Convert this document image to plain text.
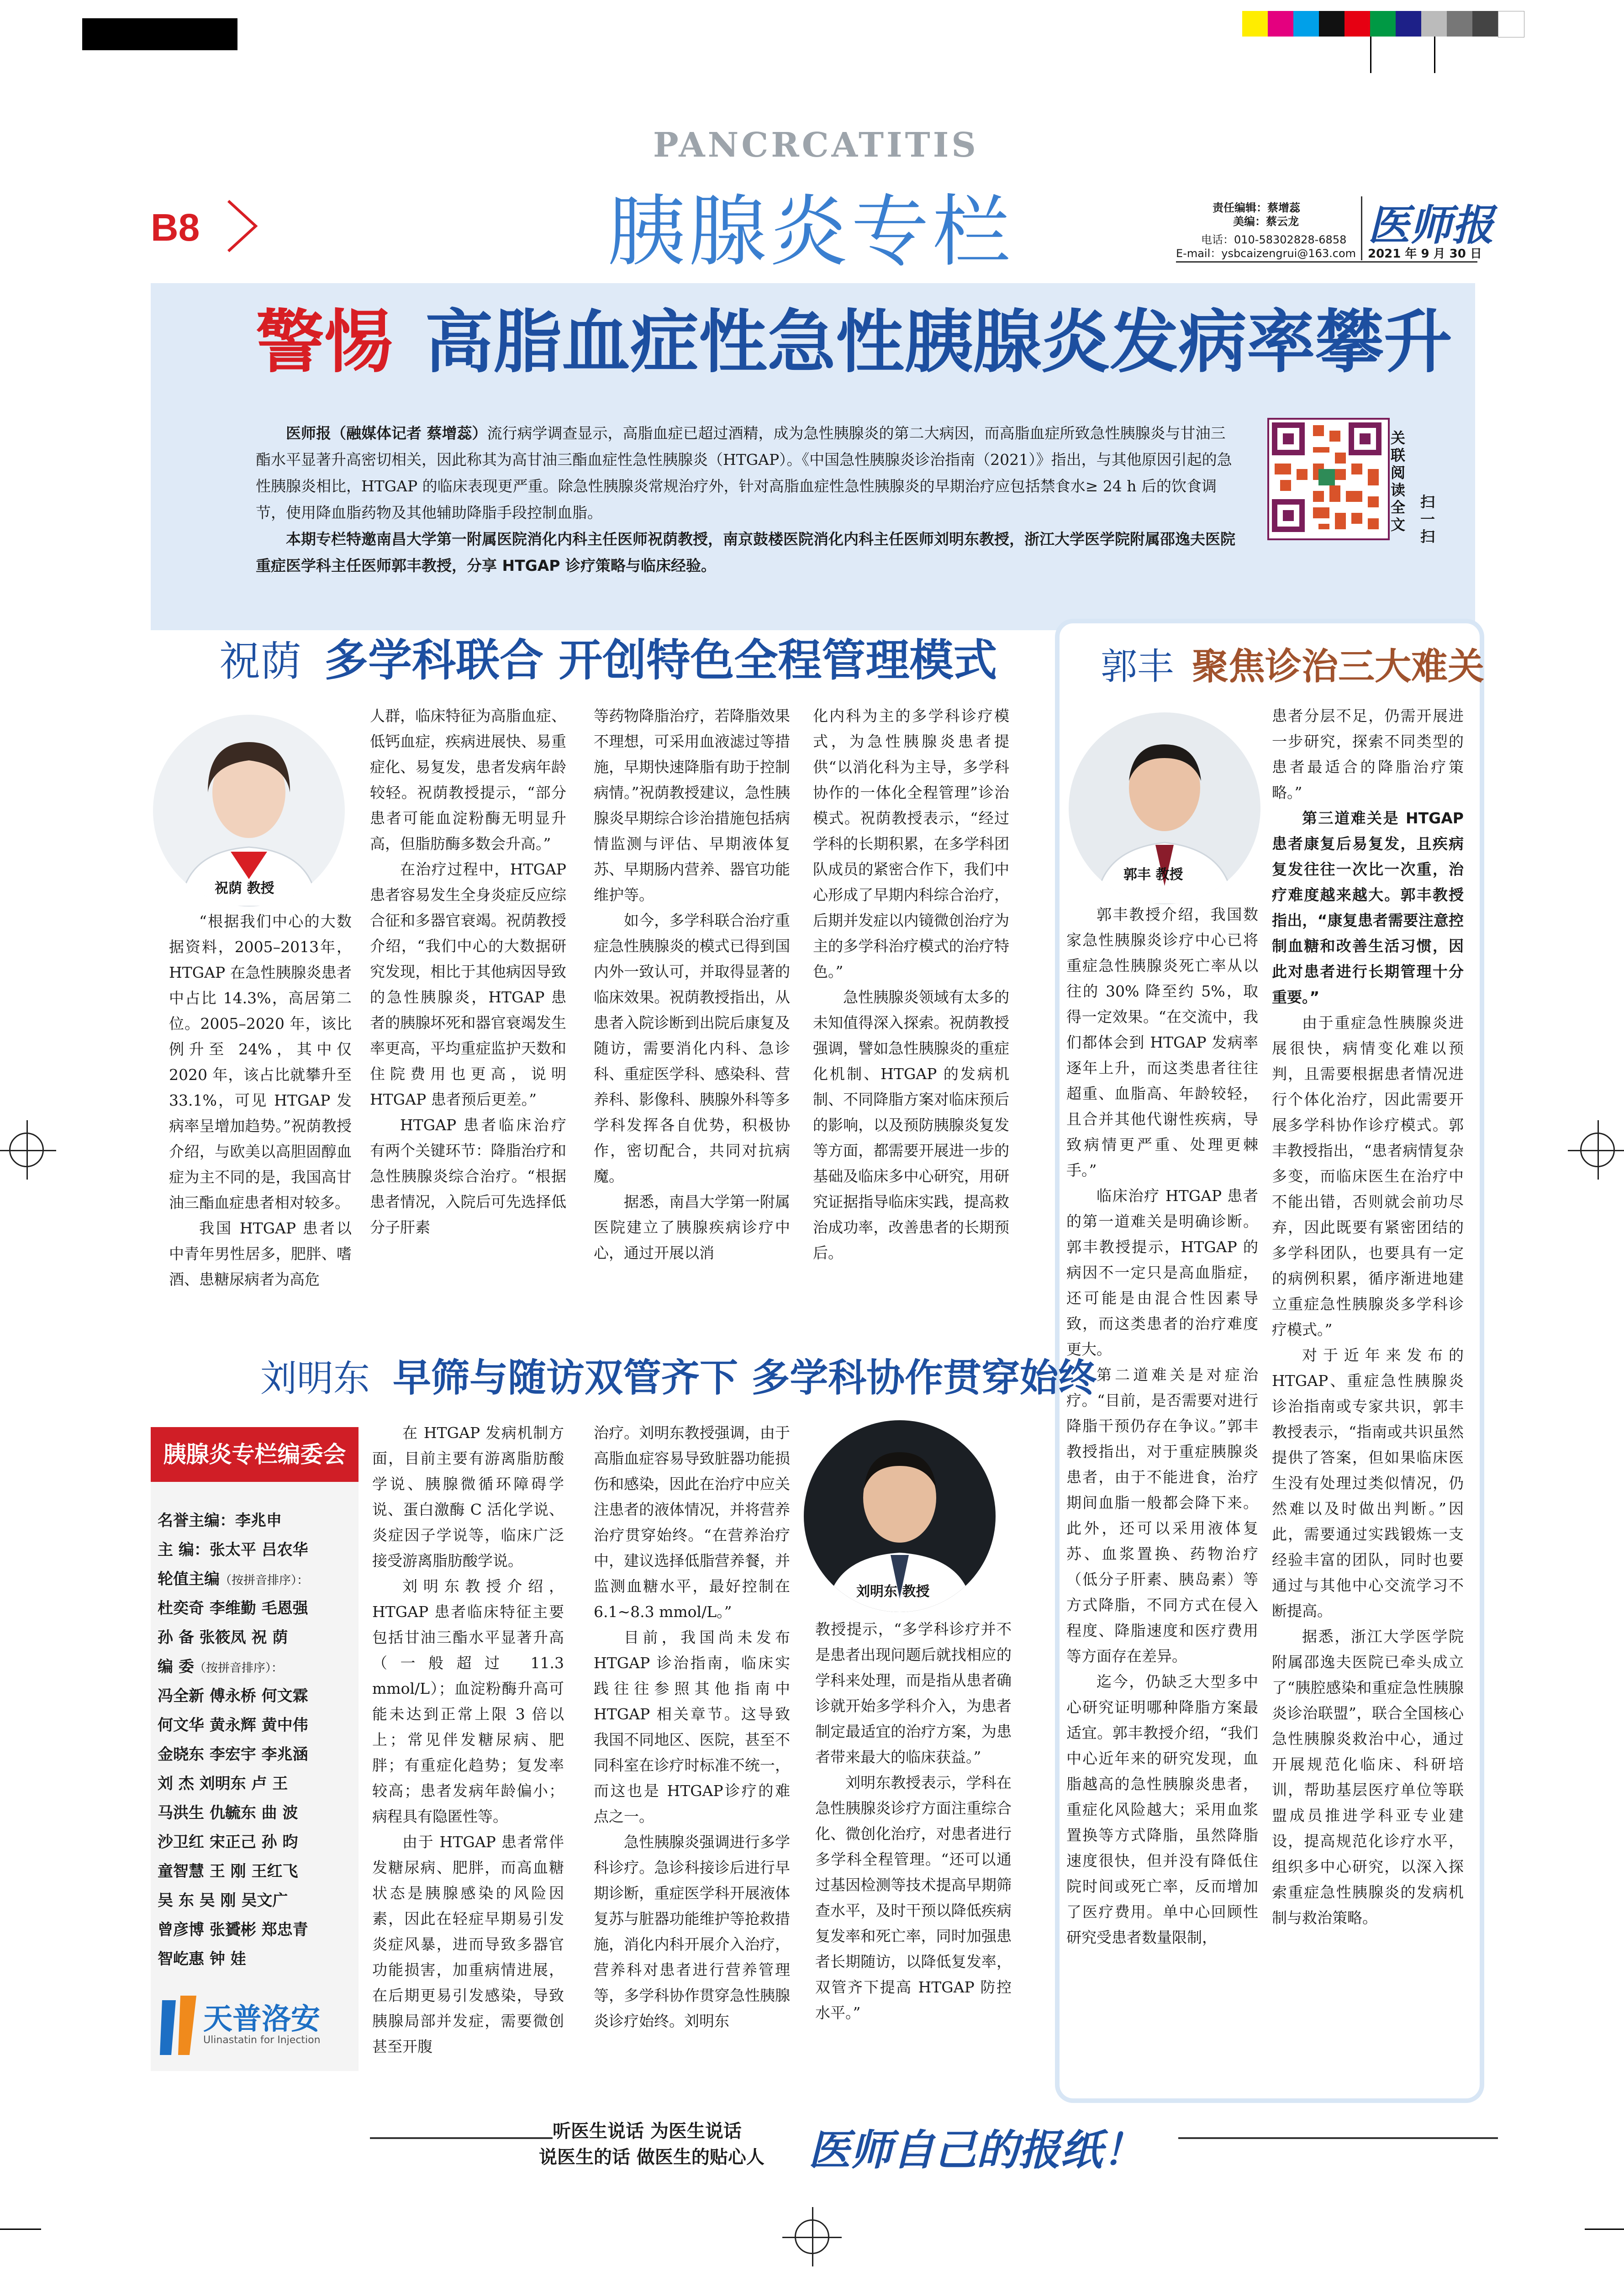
B8
PANCRCATITIS
胰腺炎专栏	责任编辑：蔡增蕊
美编：蔡云龙
电话：010-58302828-6858
E-mail：ysbcaizengrui@163.com
医师报
2021 年 9 月 30 日
警惕 高脂血症性急性胰腺炎发病率攀升

医师报（融媒体记者 蔡增蕊）流行病学调查显示，高脂血症已超过酒精，成为急性胰腺炎的第二大病因，而高脂血症所致急性胰腺炎与甘油三酯水平显著升高密切相关，因此称其为高甘油三酯血症性急性胰腺炎（HTGAP）。《中国急性胰腺炎诊治指南（2021）》指出，与其他原因引起的急性胰腺炎相比，HTGAP 的临床表现更严重。除急性胰腺炎常规治疗外，针对高脂血症性急性胰腺炎的早期治疗应包括禁食水≥ 24 h 后的饮食调节，使用降血脂药物及其他辅助降脂手段控制血脂。

本期专栏特邀南昌大学第一附属医院消化内科主任医师祝荫教授，南京鼓楼医院消化内科主任医师刘明东教授，浙江大学医学院附属邵逸夫医院重症医学科主任医师郭丰教授，分享 HTGAP 诊疗策略与临床经验。

关联阅读全文
扫一扫
祝荫 多学科联合 开创特色全程管理模式
祝荫 教授

“根据我们中心的大数据资料，2005–2013年，HTGAP 在急性胰腺炎患者中占比 14.3%，高居第二位。2005–2020 年，该比例升至 24%，其中仅 2020 年，该占比就攀升至 33.1%，可见 HTGAP 发病率呈增加趋势。”祝荫教授介绍，与欧美以高胆固醇血症为主不同的是，我国高甘油三酯血症患者相对较多。

我国 HTGAP 患者以中青年男性居多，肥胖、嗜酒、患糖尿病者为高危

人群，临床特征为高脂血症、低钙血症，疾病进展快、易重症化、易复发，患者发病年龄较轻。祝荫教授提示，“部分患者可能血淀粉酶无明显升高，但脂肪酶多数会升高。”

在治疗过程中，HTGAP 患者容易发生全身炎症反应综合征和多器官衰竭。祝荫教授介绍，“我们中心的大数据研究发现，相比于其他病因导致的急性胰腺炎，HTGAP 患者的胰腺坏死和器官衰竭发生率更高，平均重症监护天数和住院费用也更高，说明 HTGAP 患者预后更差。”

HTGAP 患者临床治疗有两个关键环节：降脂治疗和急性胰腺炎综合治疗。“根据患者情况，入院后可先选择低分子肝素

等药物降脂治疗，若降脂效果不理想，可采用血液滤过等措施，早期快速降脂有助于控制病情。”祝荫教授建议，急性胰腺炎早期综合诊治措施包括病情监测与评估、早期液体复苏、早期肠内营养、器官功能维护等。

如今，多学科联合治疗重症急性胰腺炎的模式已得到国内外一致认可，并取得显著的临床效果。祝荫教授指出，从患者入院诊断到出院后康复及随访，需要消化内科、急诊科、重症医学科、感染科、营养科、影像科、胰腺外科等多学科发挥各自优势，积极协作，密切配合，共同对抗病魔。

据悉，南昌大学第一附属医院建立了胰腺疾病诊疗中心，通过开展以消

化内科为主的多学科诊疗模式，为急性胰腺炎患者提供“以消化科为主导，多学科协作的一体化全程管理”诊治模式。祝荫教授表示，“经过学科的长期积累，在多学科团队成员的紧密合作下，我们中心形成了早期内科综合治疗，后期并发症以内镜微创治疗为主的多学科治疗模式的治疗特色。”

急性胰腺炎领域有太多的未知值得深入探索。祝荫教授强调，譬如急性胰腺炎的重症化机制、HTGAP 的发病机制、不同降脂方案对临床预后的影响，以及预防胰腺炎复发等方面，都需要开展进一步的基础及临床多中心研究，用研究证据指导临床实践，提高救治成功率，改善患者的长期预后。

郭丰 聚焦诊治三大难关
郭丰 教授

郭丰教授介绍，我国数家急性胰腺炎诊疗中心已将重症急性胰腺炎死亡率从以往的 30% 降至约 5%，取得一定效果。“在交流中，我们都体会到 HTGAP 发病率逐年上升，而这类患者往往超重、血脂高、年龄较轻，且合并其他代谢性疾病，导致病情更严重、处理更棘手。”

临床治疗 HTGAP 患者的第一道难关是明确诊断。郭丰教授提示，HTGAP 的病因不一定只是高血脂症，还可能是由混合性因素导致，而这类患者的治疗难度更大。

第二道难关是对症治疗。“目前，是否需要对进行降脂干预仍存在争议。”郭丰教授指出，对于重症胰腺炎患者，由于不能进食，治疗期间血脂一般都会降下来。此外，还可以采用液体复苏、血浆置换、药物治疗（低分子肝素、胰岛素）等方式降脂，不同方式在侵入程度、降脂速度和医疗费用等方面存在差异。

迄今，仍缺乏大型多中心研究证明哪种降脂方案最适宜。郭丰教授介绍，“我们中心近年来的研究发现，血脂越高的急性胰腺炎患者，重症化风险越大；采用血浆置换等方式降脂，虽然降脂速度很快，但并没有降低住院时间或死亡率，反而增加了医疗费用。单中心回顾性研究受患者数量限制，

患者分层不足，仍需开展进一步研究，探索不同类型的患者最适合的降脂治疗策略。”

第三道难关是 HTGAP 患者康复后易复发，且疾病复发往往一次比一次重，治疗难度越来越大。郭丰教授指出，“康复患者需要注意控制血糖和改善生活习惯，因此对患者进行长期管理十分重要。”

由于重症急性胰腺炎进展很快，病情变化难以预判，且需要根据患者情况进行个体化治疗，因此需要开展多学科协作诊疗模式。郭丰教授指出，“患者病情复杂多变，而临床医生在治疗中不能出错，否则就会前功尽弃，因此既要有紧密团结的多学科团队，也要具有一定的病例积累，循序渐进地建立重症急性胰腺炎多学科诊疗模式。”

对于近年来发布的 HTGAP、重症急性胰腺炎诊治指南或专家共识，郭丰教授表示，“指南或共识虽然提供了答案，但如果临床医生没有处理过类似情况，仍然难以及时做出判断。”因此，需要通过实践锻炼一支经验丰富的团队，同时也要通过与其他中心交流学习不断提高。

据悉，浙江大学医学院附属邵逸夫医院已牵头成立了“胰腔感染和重症急性胰腺炎诊治联盟”，联合全国核心急性胰腺炎救治中心，通过开展规范化临床、科研培训，帮助基层医疗单位等联盟成员推进学科亚专业建设，提高规范化诊疗水平，组织多中心研究，以深入探索重症急性胰腺炎的发病机制与救治策略。

刘明东 早筛与随访双管齐下 多学科协作贯穿始终
胰腺炎专栏编委会
名誉主编：李兆申
主 编：张太平 吕农华
轮值主编（按拼音排序）：
杜奕奇 李维勤 毛恩强
孙 备 张筱凤 祝 荫
编 委（按拼音排序）：
冯全新 傅永桥 何文霖
何文华 黄永辉 黄中伟
金晓东 李宏宇 李兆涵
刘 杰 刘明东 卢 王
马洪生 仇毓东 曲 波
沙卫红 宋正己 孙 昀
童智慧 王 刚 王红飞
吴 东 吴 刚 吴文广
曾彦博 张贇彬 郑忠青
智屹惠 钟 娃
天普洛安
Ulinastatin for Injection

在 HTGAP 发病机制方面，目前主要有游离脂肪酸学说、胰腺微循环障碍学说、蛋白激酶 C 活化学说、炎症因子学说等，临床广泛接受游离脂肪酸学说。

刘明东教授介绍，HTGAP 患者临床特征主要包括甘油三酯水平显著升高（一般超过 11.3 mmol/L）；血淀粉酶升高可能未达到正常上限 3 倍以上；常见伴发糖尿病、肥胖；有重症化趋势；复发率较高；患者发病年龄偏小；病程具有隐匿性等。

由于 HTGAP 患者常伴发糖尿病、肥胖，而高血糖状态是胰腺感染的风险因素，因此在轻症早期易引发炎症风暴，进而导致多器官功能损害，加重病情进展，在后期更易引发感染，导致胰腺局部并发症，需要微创甚至开腹

治疗。刘明东教授强调，由于高脂血症容易导致脏器功能损伤和感染，因此在治疗中应关注患者的液体情况，并将营养治疗贯穿始终。“在营养治疗中，建议选择低脂营养餐，并监测血糖水平，最好控制在 6.1~8.3 mmol/L。”

目前，我国尚未发布 HTGAP 诊治指南，临床实践往往参照其他指南中 HTGAP 相关章节。这导致我国不同地区、医院，甚至不同科室在诊疗时标准不统一，而这也是 HTGAP诊疗的难点之一。

急性胰腺炎强调进行多学科诊疗。急诊科接诊后进行早期诊断，重症医学科开展液体复苏与脏器功能维护等抢救措施，消化内科开展介入治疗，营养科对患者进行营养管理等，多学科协作贯穿急性胰腺炎诊疗始终。刘明东

刘明东 教授

教授提示，“多学科诊疗并不是患者出现问题后就找相应的学科来处理，而是指从患者确诊就开始多学科介入，为患者制定最适宜的治疗方案，为患者带来最大的临床获益。”

刘明东教授表示，学科在急性胰腺炎诊疗方面注重综合化、微创化治疗，对患者进行多学科全程管理。“还可以通过基因检测等技术提高早期筛查水平，及时干预以降低疾病复发率和死亡率，同时加强患者长期随访，以降低复发率，双管齐下提高 HTGAP 防控水平。”

听医生说话 为医生说话
说医生的话 做医生的贴心人 医师自己的报纸！
